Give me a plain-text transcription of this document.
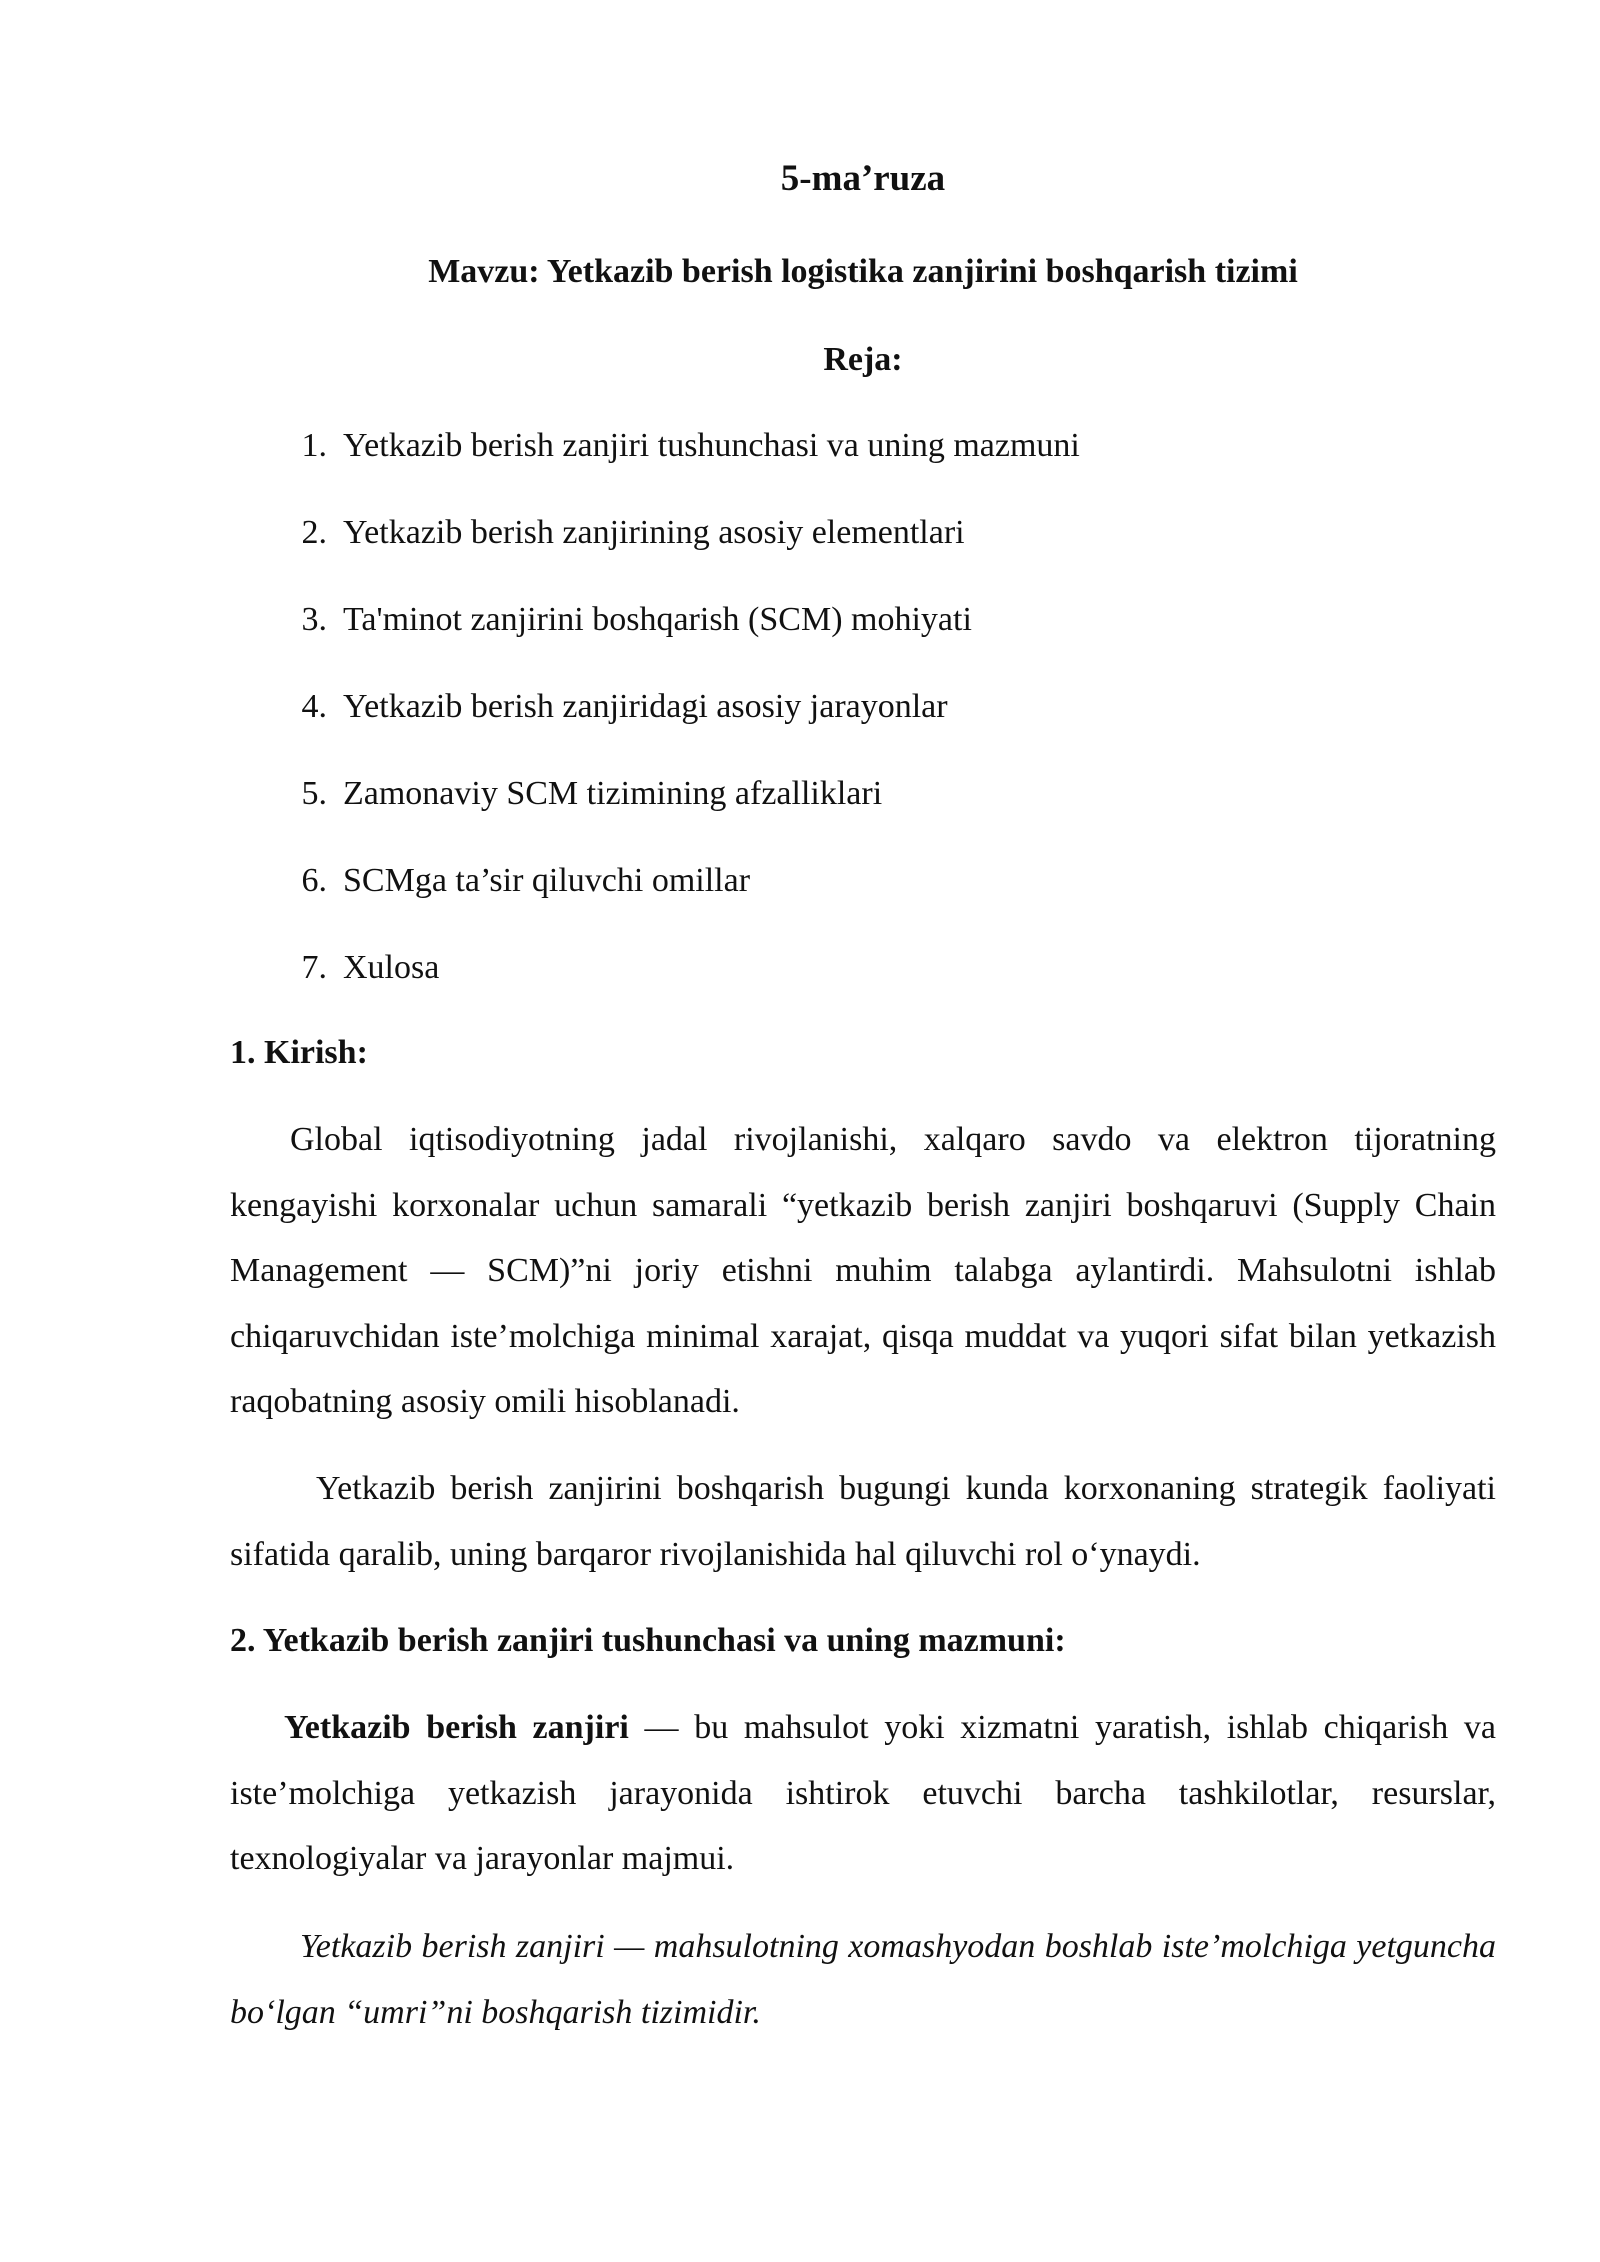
5-ma’ruza
Mavzu: Yetkazib berish logistika zanjirini boshqarish tizimi
Reja:
1. Yetkazib berish zanjiri tushunchasi va uning mazmuni
2. Yetkazib berish zanjirining asosiy elementlari
3. Ta'minot zanjirini boshqarish (SCM) mohiyati
4. Yetkazib berish zanjiridagi asosiy jarayonlar
5. Zamonaviy SCM tizimining afzalliklari
6. SCMga ta’sir qiluvchi omillar
7. Xulosa
1. Kirish:

Global iqtisodiyotning jadal rivojlanishi, xalqaro savdo va elektron tijoratning kengayishi korxonalar uchun samarali “yetkazib berish zanjiri boshqaruvi (Supply Chain Management — SCM)”ni joriy etishni muhim talabga aylantirdi. Mahsulotni ishlab chiqaruvchidan iste’molchiga minimal xarajat, qisqa muddat va yuqori sifat bilan yetkazish raqobatning asosiy omili hisoblanadi.

Yetkazib berish zanjirini boshqarish bugungi kunda korxonaning strategik faoliyati sifatida qaralib, uning barqaror rivojlanishida hal qiluvchi rol o‘ynaydi.

2. Yetkazib berish zanjiri tushunchasi va uning mazmuni:

Yetkazib berish zanjiri — bu mahsulot yoki xizmatni yaratish, ishlab chiqarish va iste’molchiga yetkazish jarayonida ishtirok etuvchi barcha tashkilotlar, resurslar, texnologiyalar va jarayonlar majmui.

Yetkazib berish zanjiri — mahsulotning xomashyodan boshlab iste’molchiga yetguncha bo‘lgan “umri”ni boshqarish tizimidir.
